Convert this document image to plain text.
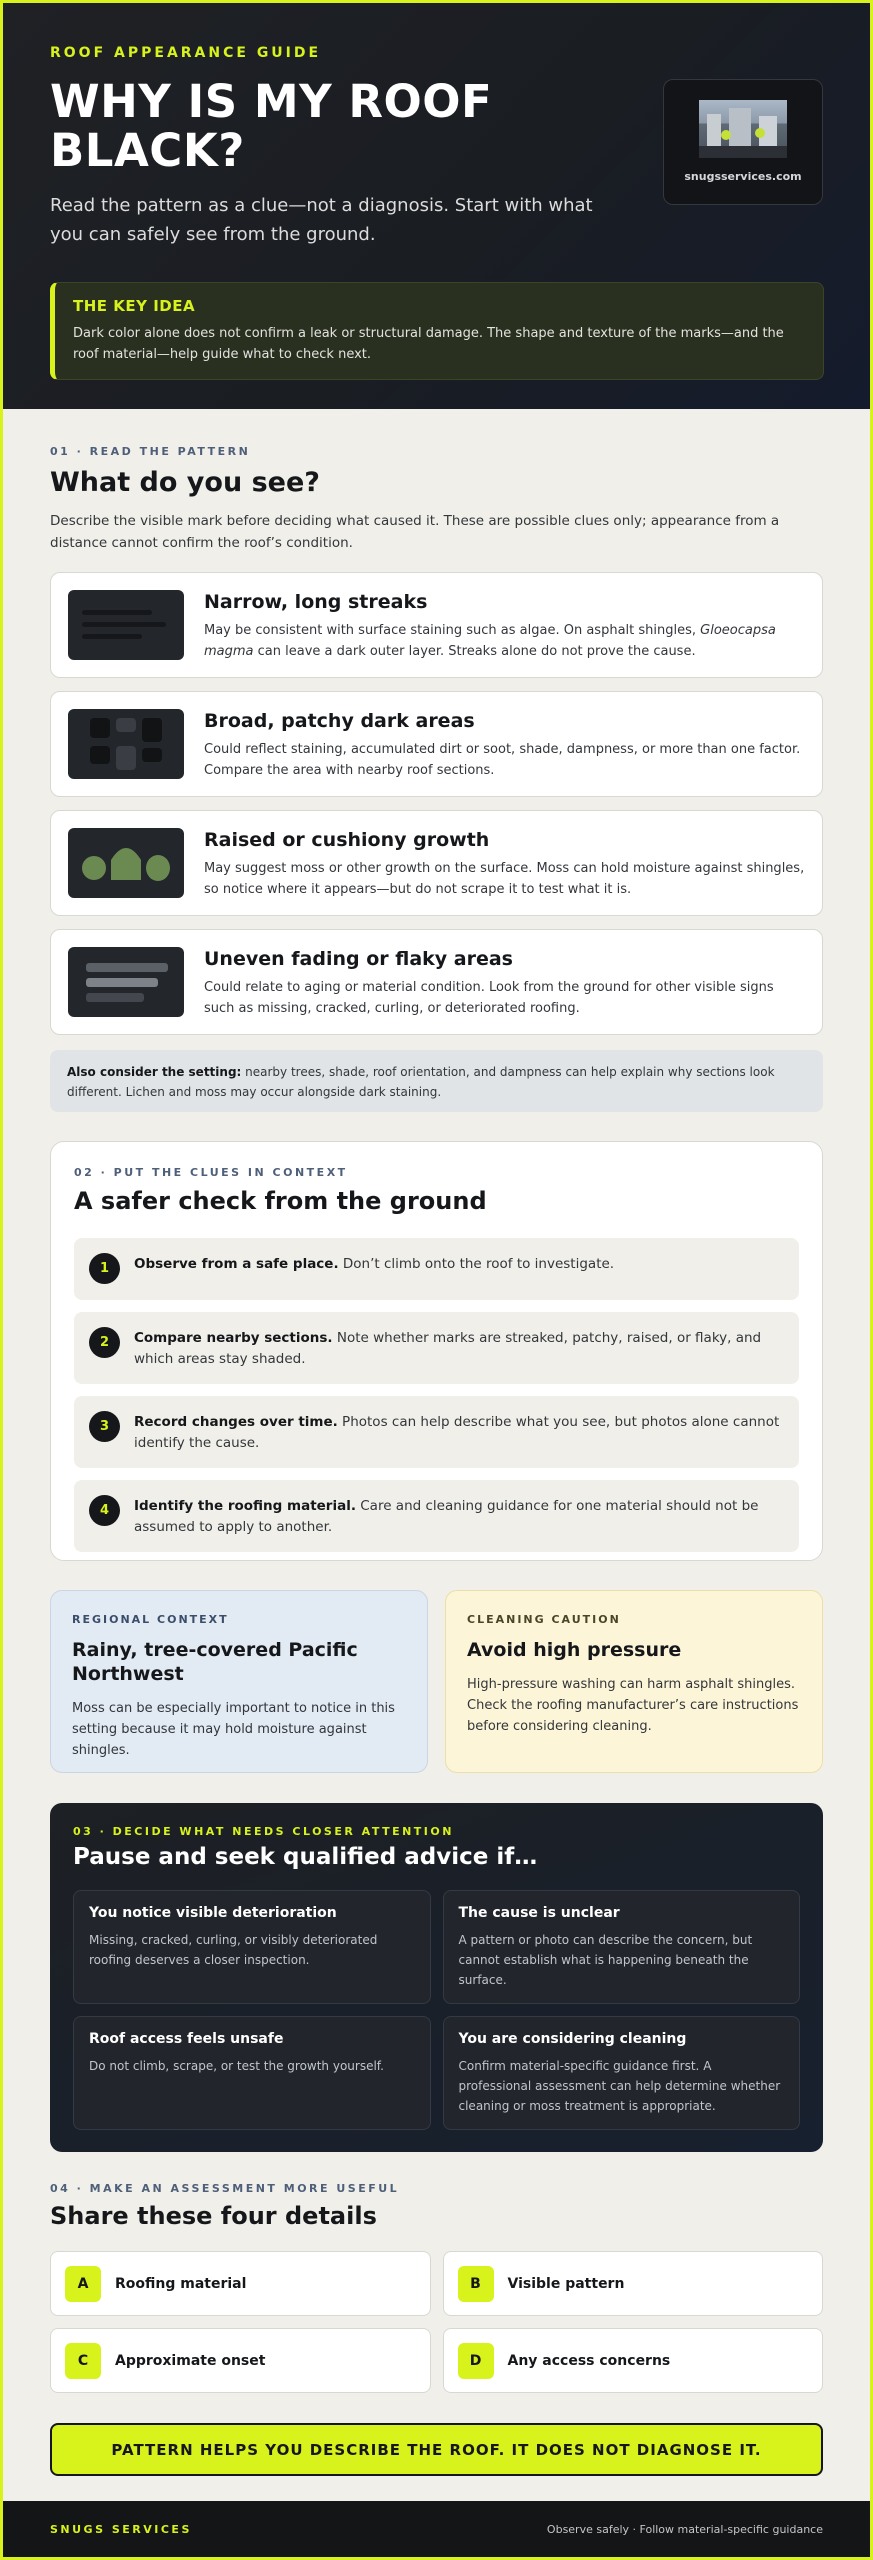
ROOF APPEARANCE GUIDE
WHY IS MY ROOF BLACK?

Read the pattern as a clue—not a diagnosis. Start with what you can safely see from the ground.

snugsservices.com
THE KEY IDEA
Dark color alone does not confirm a leak or structural damage. The shape and texture of the marks—and the roof material—help guide what to check next.
01 · READ THE PATTERN
What do you see?

Describe the visible mark before deciding what caused it. These are possible clues only; appearance from a distance cannot confirm the roof’s condition.

Narrow, long streaks
May be consistent with surface staining such as algae. On asphalt shingles, Gloeocapsa magma can leave a dark outer layer. Streaks alone do not prove the cause.
Broad, patchy dark areas
Could reflect staining, accumulated dirt or soot, shade, dampness, or more than one factor. Compare the area with nearby roof sections.
Raised or cushiony growth
May suggest moss or other growth on the surface. Moss can hold moisture against shingles, so notice where it appears—but do not scrape it to test what it is.
Uneven fading or flaky areas
Could relate to aging or material condition. Look from the ground for other visible signs such as missing, cracked, curling, or deteriorated roofing.
Also consider the setting: nearby trees, shade, roof orientation, and dampness can help explain why sections look different. Lichen and moss may occur alongside dark staining.
02 · PUT THE CLUES IN CONTEXT
A safer check from the ground
1	Observe from a safe place. Don’t climb onto the roof to investigate.
2	Compare nearby sections. Note whether marks are streaked, patchy, raised, or flaky, and which areas stay shaded.
3	Record changes over time. Photos can help describe what you see, but photos alone cannot identify the cause.
4	Identify the roofing material. Care and cleaning guidance for one material should not be assumed to apply to another.
REGIONAL CONTEXT
Rainy, tree-covered Pacific Northwest
Moss can be especially important to notice in this setting because it may hold moisture against shingles.
CLEANING CAUTION
Avoid high pressure
High-pressure washing can harm asphalt shingles. Check the roofing manufacturer’s care instructions before considering cleaning.
03 · DECIDE WHAT NEEDS CLOSER ATTENTION
Pause and seek qualified advice if…
You notice visible deterioration
Missing, cracked, curling, or visibly deteriorated roofing deserves a closer inspection.
The cause is unclear
A pattern or photo can describe the concern, but cannot establish what is happening beneath the surface.
Roof access feels unsafe
Do not climb, scrape, or test the growth yourself.
You are considering cleaning
Confirm material-specific guidance first. A professional assessment can help determine whether cleaning or moss treatment is appropriate.
04 · MAKE AN ASSESSMENT MORE USEFUL
Share these four details
A	Roofing material	B	Visible pattern
C	Approximate onset	D	Any access concerns
PATTERN HELPS YOU DESCRIBE THE ROOF. IT DOES NOT DIAGNOSE IT.
SNUGS SERVICES	Observe safely · Follow material-specific guidance
